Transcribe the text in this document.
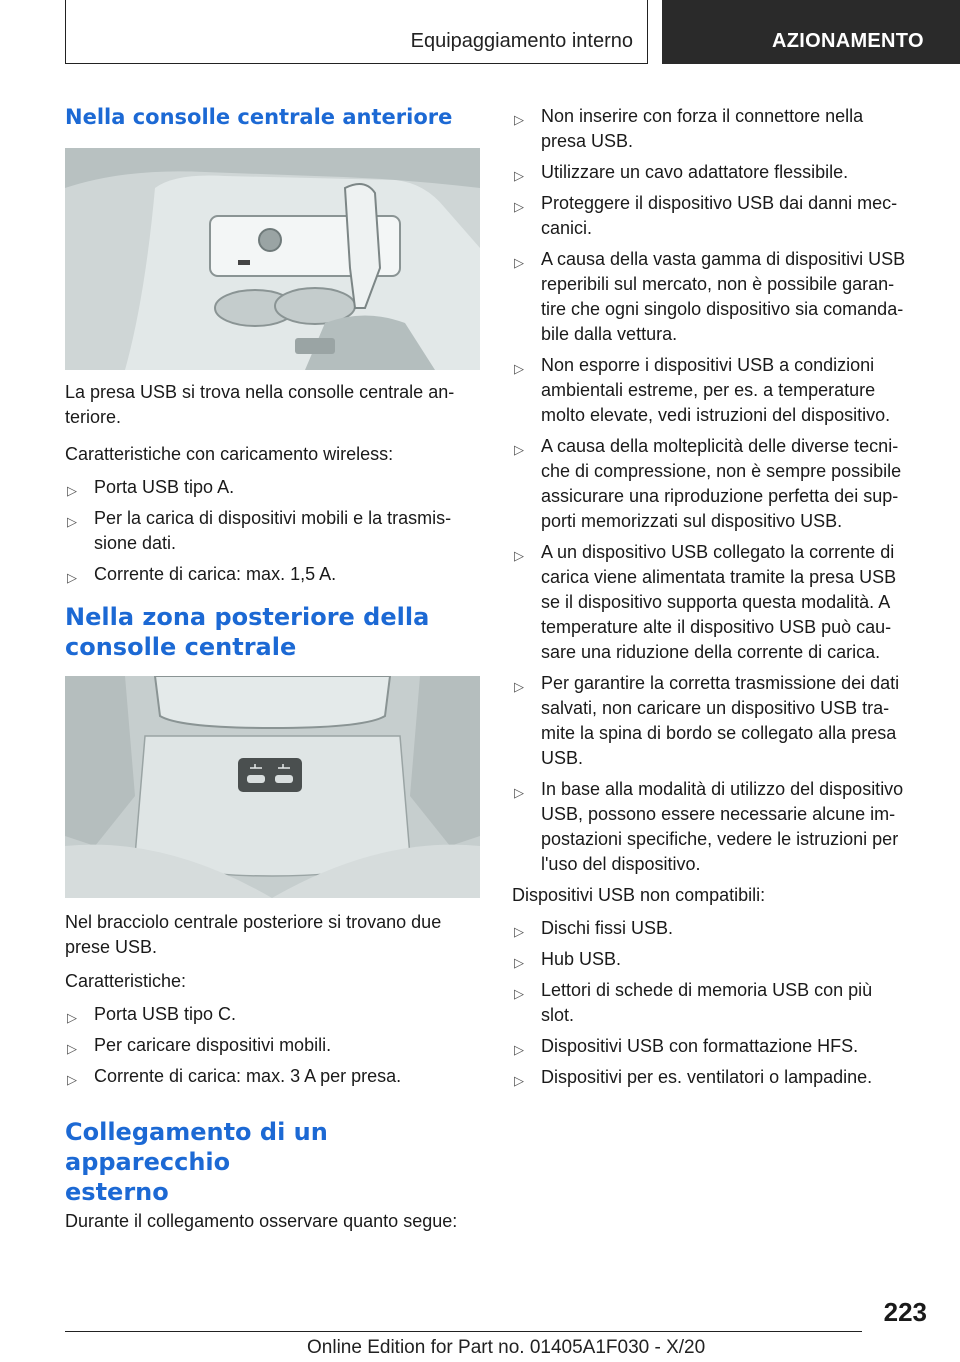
Equipaggiamento interno	AZIONAMENTO
Nella consolle centrale anteriore

La presa USB si trova nella consolle centrale an-
teriore.

Caratteristiche con caricamento wireless:

▷ Porta USB tipo A.
▷ Per la carica di dispositivi mobili e la trasmis-
sione dati.
▷ Corrente di carica: max. 1,5 A.
Nella zona posteriore della
consolle centrale

Nel bracciolo centrale posteriore si trovano due
prese USB.

Caratteristiche:

▷ Porta USB tipo C.
▷ Per caricare dispositivi mobili.
▷ Corrente di carica: max. 3 A per presa.
Collegamento di un apparecchio
esterno

Durante il collegamento osservare quanto segue:

▷ Non inserire con forza il connettore nella
presa USB.
▷ Utilizzare un cavo adattatore flessibile.
▷ Proteggere il dispositivo USB dai danni mec-
canici.
▷ A causa della vasta gamma di dispositivi USB
reperibili sul mercato, non è possibile garan-
tire che ogni singolo dispositivo sia comanda-
bile dalla vettura.
▷ Non esporre i dispositivi USB a condizioni
ambientali estreme, per es. a temperature
molto elevate, vedi istruzioni del dispositivo.
▷ A causa della molteplicità delle diverse tecni-
che di compressione, non è sempre possibile
assicurare una riproduzione perfetta dei sup-
porti memorizzati sul dispositivo USB.
▷ A un dispositivo USB collegato la corrente di
carica viene alimentata tramite la presa USB
se il dispositivo supporta questa modalità. A
temperature alte il dispositivo USB può cau-
sare una riduzione della corrente di carica.
▷ Per garantire la corretta trasmissione dei dati
salvati, non caricare un dispositivo USB tra-
mite la spina di bordo se collegato alla presa
USB.
▷ In base alla modalità di utilizzo del dispositivo
USB, possono essere necessarie alcune im-
postazioni specifiche, vedere le istruzioni per
l'uso del dispositivo.

Dispositivi USB non compatibili:

▷ Dischi fissi USB.
▷ Hub USB.
▷ Lettori di schede di memoria USB con più
slot.
▷ Dispositivi USB con formattazione HFS.
▷ Dispositivi per es. ventilatori o lampadine.
223
Online Edition for Part no. 01405A1F030 - X/20
